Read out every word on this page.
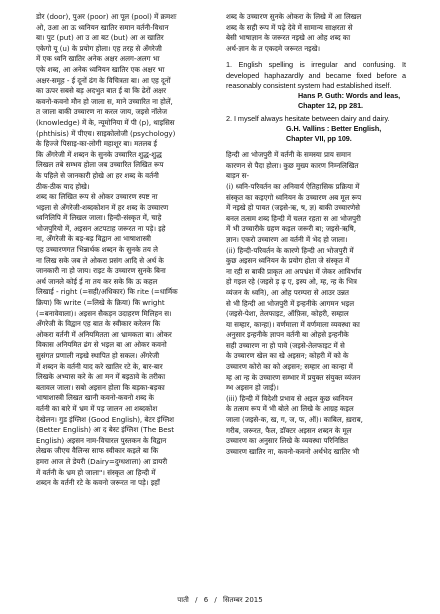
डोर (door), पुअर (poor) आ पूल (pool) में क्रमशः
ओ, उआ आ ऊ ध्वनियन खातिर समान वर्तनी-विधान
बा। पुट (put) आ उ आ बट (but) आ अ खातिर
एकेगो यू (u) के प्रयोग होला। एह तरह से अँगरेजी
में एक ध्वनि खातिर अनेक अक्षर अलग-अलग भा
एके शब्द, आ अनेक ध्वनियन खातिर एक अक्षर भा
अक्षर-समूह - ई दूनों ढंग के विचित्रता बा। आ एह दूनों
का ऊपर सबसे बड़ अदभुत बात ई बा कि ढेरों अक्षर
कवनो-कवनो मौन हो जाला स, माने उच्चारित ना होलें,
त जाला बाकी उच्चारण ना करल जाय, जइसे नॉलेज
(knowledge) में के, न्यूमोनिया में पी (p), थाइसिस
(phthisis) में पीएच। साइकोलोजी (psychology)
के हिज्जे पिसाइ-का-लोगी महाशूर बा। मतलब ई
कि अँगरेजी में शब्दन के सुनके उच्चारित शुद्ध-शुद्ध
लिखल तबे सम्भव होला जब उच्चारित लिखित रूप
के पहिले से जानकारी होखे आ हर शब्द के वर्तनी
ठीक-ठीक याद होखे।
शब्द का लिखित रूप से ओकर उच्चारण स्पष्ट ना
भइला से अँगरेजी-शब्दकोशन में हर शब्द के उच्चारण
ध्वनिलिपि में लिखल जाला। हिन्दी-संस्कृत में, चाहे
भोजपुरियो में, अइसन अटपटाह जरूरत ना पड़े। इहे
ना, अँगरेजी के बड़-बड़ विद्वान आ भाषाशास्त्री
एह उच्चारणगत भिन्नार्थक शब्दन के सुनके तय ले
ना लिख सके जब ले ओकरा प्रसंग आदि से अर्थ के
जानकारी ना हो जाय। राइट के उच्चारण सुनके बिना
अर्थ जानले कोई ई ना तय कर सके कि ऊ कहल
लिखाई - right (=सही/अधिकार) कि rite (=धार्मिक
क्रिया) कि write (=लिखे के क्रिया) कि wright
(=बनावेवाला)। अइसन सैकड़न उदाहरण मिलिहन स।
अँगरेजी के विद्वान एह बात के स्वीकार करेलन कि
ओकरा वर्तनी में अनियमितता आ भ्रामकता बा। ओकर
विकास अनियमित ढंग से भइल बा आ ओकर कवनो
सुसंगत प्रणाली नइखे स्थापित हो सकल। अँगरेजी
में शब्दन के वर्तनी याद करे खातिर रटे के, बार-बार
लिखके अभ्यास करे के आ मन में बइठावे के तरीका
बतावल जाला। सबो अइसन होला कि बड़का-बड़का
भाषाशास्त्री लिखत खानी कवनो-कवनो शब्द के
वर्तनी का बारे में भ्रम में पड़ जालन आ शब्दकोश
देखेलन। गुड इंग्लिश (Good English), बेटर इंग्लिश
(Better English) आ द बेस्ट इंग्लिश (The Best
English) अइसन नाम-विचारल पुस्तकन के विद्वान
लेखक जीएच वैलिन्स साफ स्वीकार कइले बा कि
हमरा आज ले डेयरी (Dairy=दुग्धशाला) आ डायरी
में वर्तनी के भ्रम हो जाला"। संस्कृत आ हिन्दी में
शब्दन के वर्तनी रटे के कवनो जरूरत ना पड़े। इहाँ
शब्द के उच्चारण सुनके ओकरा के लिखे में आ लिखल
शब्द के सही रूप में पढ़े देवे में सामान्य साक्षरता से
बेसी भाषाज्ञान के जरूरत नइखे आ ओह शब्द का
अर्थ-ज्ञान के त एकदमे जरूरत नइखे।

1. English spelling is irregular and confusing. It developed haphazardly and became fixed before a reasonably consistent system had established itself.

Hans P. Guth: Words and leas,

Chapter 12, pp 281.

2. I myself always hesitate between dairy and dairy.

G.H. Vallins : Better English,

Chapter VII, pp 109.

हिन्दी आ भोजपुरी में वर्तनी के समस्या प्राय समान
कारणन से पैदा होला। कुछ मुख्य कारण निम्नलिखित
बाड़न स-
(i) ध्वनि-परिवर्तन का अनिवार्य ऐतिहासिक प्रक्रिया में
संस्कृत का कइएगो ध्वनियन के उच्चारण अब मूल रूप
में नइखे हो पावत (जइसे-ऋ, ष, ज्ञ) बाकी उच्चारणेसे
बनल तत्सम शब्द हिन्दी में चलत रहता स आ भोजपुरी
में भी उच्चारीके ग्रहण कइल जरूरी बा; जइसे-ऋषि,
ज्ञान। एकरो उच्चारण आ वर्तनी में भेद हो जाला।
(ii) हिन्दी-परिवर्तन के कारणे हिन्दी आ भोजपुरी में
कुछ अइसन ध्वनियन के प्रयोग होता जे संस्कृत में
ना रही स बाकी प्राकृत आ अपभ्रंश में जेकर आविर्भाव
हो गइल रहे (जइसे ड़ ढ़ ए, इस्य ओ, म्ह, न्ह के भित्र
व्यंजन के ध्वनि), आ ओह परम्परा से आउर उन्नत
से भी हिन्दी आ भोजपुरी में इन्हनीके आगमन भइल
(जइसे-पेशा, तेलफाइट, ऑफ़िस, कोहरी, सम्हाल
या सम्हार, कान्हा)। वर्णमाला में वर्णमाला व्यवस्था का
अनुसार इन्हनीके ज्ञापन वर्तनी बा ओहसे इन्हनीके
सही उच्चारण ना हो पावे (जइसे-तेलफाइट में से
के उच्चारण खेल का खे अइसन; कोहरी में को के
उच्चारण कोरो का को अइसन; सम्हार आ कान्हा में
म्ह आ न्ह के उच्चारण सम्भार में प्रयुक्त संयुक्त व्यंजन
म्भ अइसन हो जाई)।
(iii) हिन्दी में विदेशी प्रभाव से अइल कुछ ध्वनियन
के तत्सम रूप में भी बोले आ लिखे के आग्रह कइल
जाला (जइसे-क, ख, ग, ज, फ, ऑ)। काबिल, ख़राब,
गरीब, जरूरत, फैल, डॉक्टर अइसन शब्दन के मूल
उच्चारण का अनुसार लिखे के व्यवस्था परिनिष्ठित
उच्चारण खातिर ना, कवनो-कवनो अर्थभेद खातिर भी
पाती / 6 / सितम्बर 2015
